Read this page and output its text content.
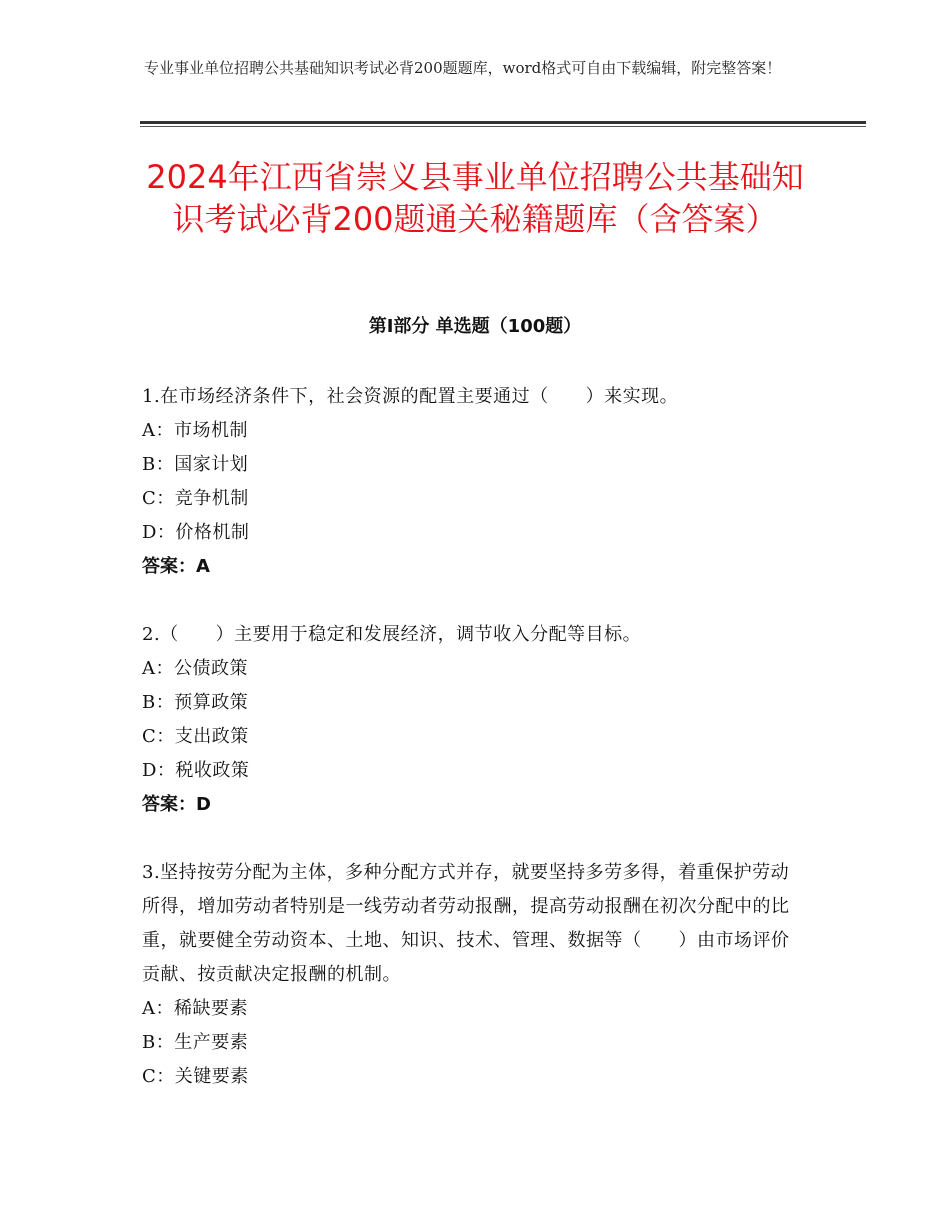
专业事业单位招聘公共基础知识考试必背200题题库，word格式可自由下载编辑，附完整答案！
2024年江西省崇义县事业单位招聘公共基础知识考试必背200题通关秘籍题库（含答案）
第Ⅰ部分 单选题（100题）
1.在市场经济条件下，社会资源的配置主要通过（　　）来实现。
A：市场机制
B：国家计划
C：竞争机制
D：价格机制
答案：A
2.（　　）主要用于稳定和发展经济，调节收入分配等目标。
A：公债政策
B：预算政策
C：支出政策
D：税收政策
答案：D
3.坚持按劳分配为主体，多种分配方式并存，就要坚持多劳多得，着重保护劳动所得，增加劳动者特别是一线劳动者劳动报酬，提高劳动报酬在初次分配中的比重，就要健全劳动资本、土地、知识、技术、管理、数据等（　　）由市场评价贡献、按贡献决定报酬的机制。
A：稀缺要素
B：生产要素
C：关键要素
